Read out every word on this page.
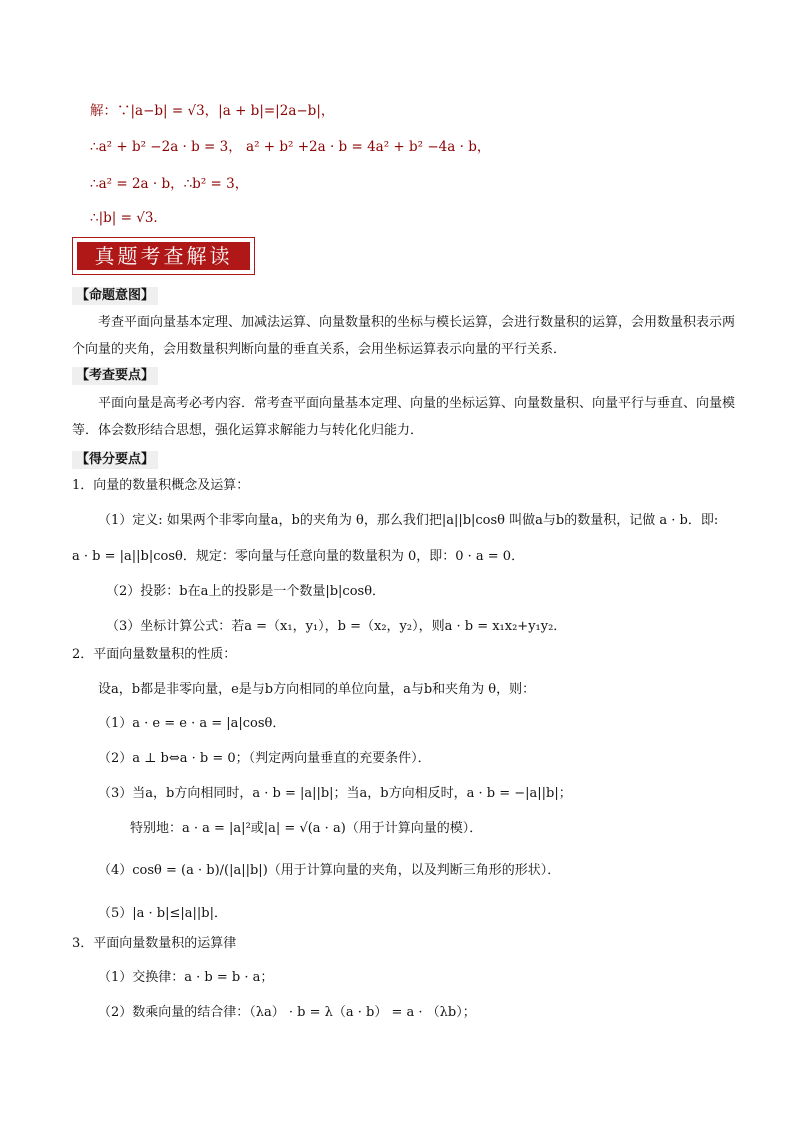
解：∵|a−b| = √3，|a + b|=|2a−b|，
∴a² + b² −2a · b = 3， a² + b² +2a · b = 4a² + b² −4a · b，
∴a² = 2a · b，∴b² = 3，
∴|b| = √3．
真题考查解读
【命题意图】
考查平面向量基本定理、加减法运算、向量数量积的坐标与模长运算，会进行数量积的运算，会用数量积表示两个向量的夹角，会用数量积判断向量的垂直关系，会用坐标运算表示向量的平行关系．
【考查要点】
平面向量是高考必考内容．常考查平面向量基本定理、向量的坐标运算、向量数量积、向量平行与垂直、向量模等．体会数形结合思想，强化运算求解能力与转化化归能力．
【得分要点】
1．向量的数量积概念及运算：
（1）定义: 如果两个非零向量a，b的夹角为 θ，那么我们把|a||b|cosθ 叫做a与b的数量积，记做 a · b．即:
a · b = |a||b|cosθ．规定：零向量与任意向量的数量积为 0，即：0 · a = 0．
（2）投影：b在a上的投影是一个数量|b|cosθ．
（3）坐标计算公式：若a =（x₁，y₁），b =（x₂，y₂），则a · b = x₁x₂+y₁y₂．
2．平面向量数量积的性质：
设a，b都是非零向量，e是与b方向相同的单位向量，a与b和夹角为 θ，则：
（1）a · e = e · a = |a|cosθ．
（2）a ⊥ b⇔a · b = 0；（判定两向量垂直的充要条件）．
（3）当a，b方向相同时，a · b = |a||b|；当a，b方向相反时，a · b = −|a||b|；
特别地：a · a = |a|²或|a| = √(a · a)（用于计算向量的模）．
（4）cosθ = (a · b)/(|a||b|)（用于计算向量的夹角，以及判断三角形的形状）．
（5）|a · b|≤|a||b|．
3．平面向量数量积的运算律
（1）交换律：a · b = b · a；
（2）数乘向量的结合律：（λa） · b = λ（a · b） = a · （λb）；
